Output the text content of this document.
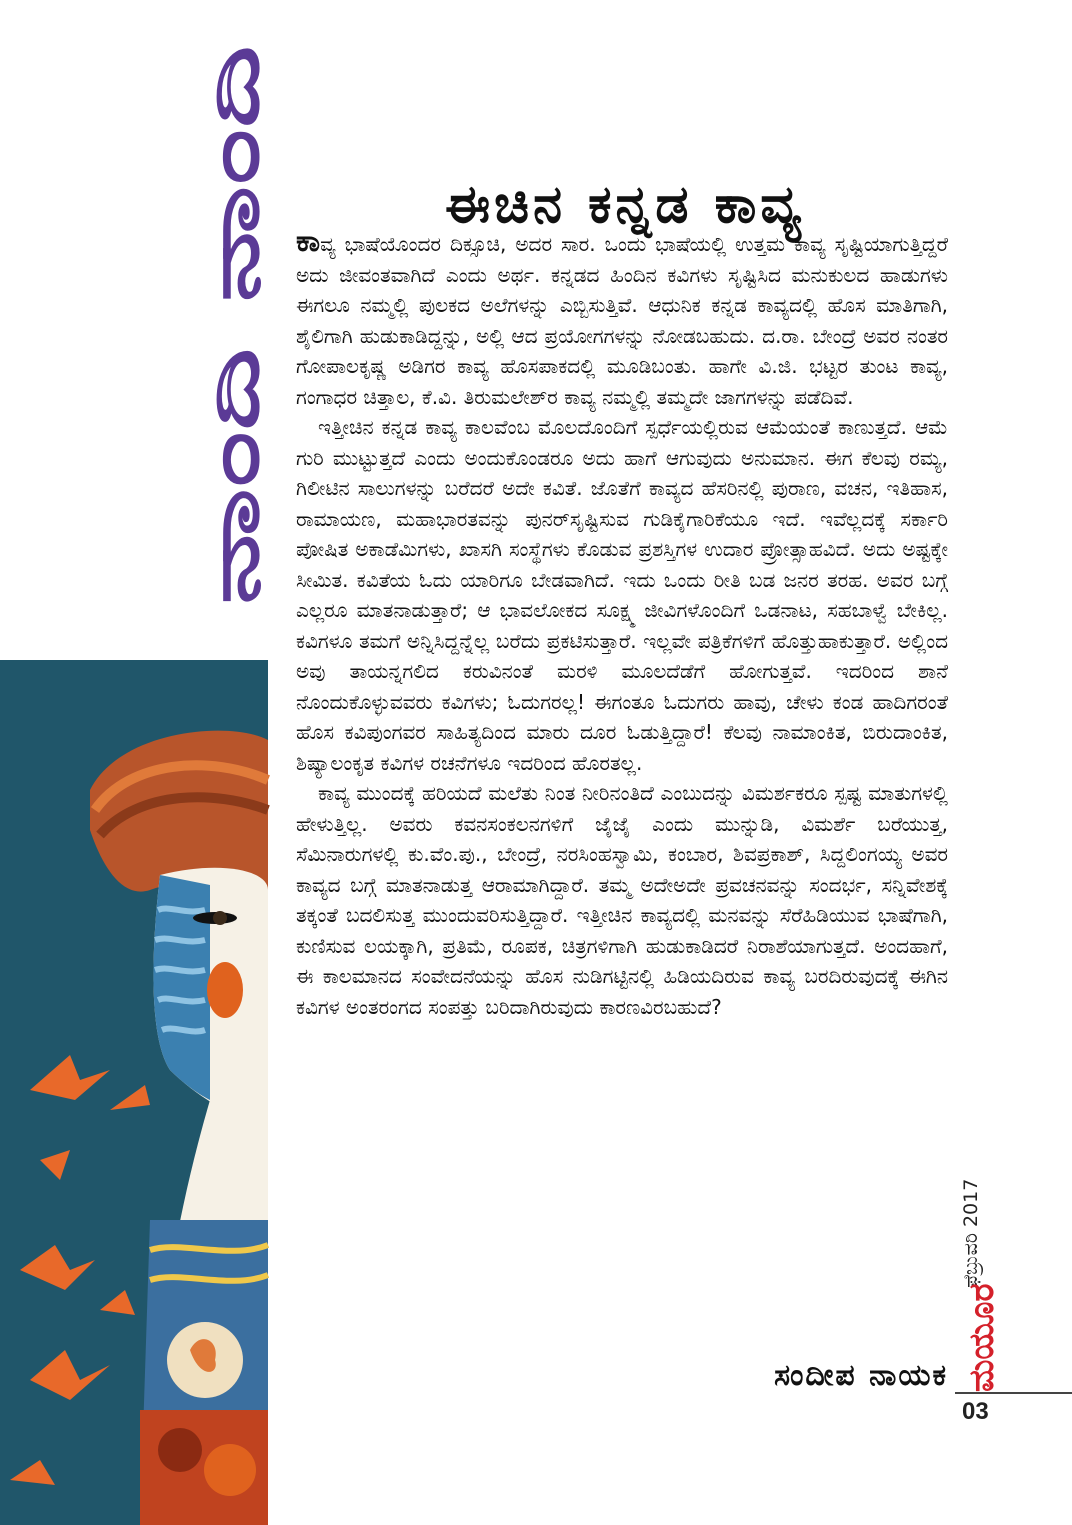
ನಾಂದಿ ನಾಂದಿ
ಈಚಿನ ಕನ್ನಡ ಕಾವ್ಯ

ಕಾವ್ಯ ಭಾಷೆಯೊಂದರ ದಿಕ್ಸೂಚಿ, ಅದರ ಸಾರ. ಒಂದು ಭಾಷೆಯಲ್ಲಿ ಉತ್ತಮ ಕಾವ್ಯ ಸೃಷ್ಟಿಯಾಗುತ್ತಿದ್ದರೆ ಅದು ಜೀವಂತವಾಗಿದೆ ಎಂದು ಅರ್ಥ. ಕನ್ನಡದ ಹಿಂದಿನ ಕವಿಗಳು ಸೃಷ್ಟಿಸಿದ ಮನುಕುಲದ ಹಾಡುಗಳು ಈಗಲೂ ನಮ್ಮಲ್ಲಿ ಪುಲಕದ ಅಲೆಗಳನ್ನು ಎಬ್ಬಿಸುತ್ತಿವೆ. ಆಧುನಿಕ ಕನ್ನಡ ಕಾವ್ಯದಲ್ಲಿ ಹೊಸ ಮಾತಿಗಾಗಿ, ಶೈಲಿಗಾಗಿ ಹುಡುಕಾಡಿದ್ದನ್ನು, ಅಲ್ಲಿ ಆದ ಪ್ರಯೋಗಗಳನ್ನು ನೋಡಬಹುದು. ದ.ರಾ. ಬೇಂದ್ರೆ ಅವರ ನಂತರ ಗೋಪಾಲಕೃಷ್ಣ ಅಡಿಗರ ಕಾವ್ಯ ಹೊಸಪಾಕದಲ್ಲಿ ಮೂಡಿಬಂತು. ಹಾಗೇ ವಿ.ಜಿ. ಭಟ್ಟರ ತುಂಟ ಕಾವ್ಯ, ಗಂಗಾಧರ ಚಿತ್ತಾಲ, ಕೆ.ವಿ. ತಿರುಮಲೇಶ್‌ರ ಕಾವ್ಯ ನಮ್ಮಲ್ಲಿ ತಮ್ಮದೇ ಜಾಗಗಳನ್ನು ಪಡೆದಿವೆ.

ಇತ್ತೀಚಿನ ಕನ್ನಡ ಕಾವ್ಯ ಕಾಲವೆಂಬ ಮೊಲದೊಂದಿಗೆ ಸ್ಪರ್ಧೆಯಲ್ಲಿರುವ ಆಮೆಯಂತೆ ಕಾಣುತ್ತದೆ. ಆಮೆ ಗುರಿ ಮುಟ್ಟುತ್ತದೆ ಎಂದು ಅಂದುಕೊಂಡರೂ ಅದು ಹಾಗೆ ಆಗುವುದು ಅನುಮಾನ. ಈಗ ಕೆಲವು ರಮ್ಯ, ಗಿಲೀಟಿನ ಸಾಲುಗಳನ್ನು ಬರೆದರೆ ಅದೇ ಕವಿತೆ. ಜೊತೆಗೆ ಕಾವ್ಯದ ಹೆಸರಿನಲ್ಲಿ ಪುರಾಣ, ವಚನ, ಇತಿಹಾಸ, ರಾಮಾಯಣ, ಮಹಾಭಾರತವನ್ನು ಪುನರ್‌ಸೃಷ್ಟಿಸುವ ಗುಡಿಕೈಗಾರಿಕೆಯೂ ಇದೆ. ಇವೆಲ್ಲದಕ್ಕೆ ಸರ್ಕಾರಿ ಪೋಷಿತ ಅಕಾಡೆಮಿಗಳು, ಖಾಸಗಿ ಸಂಸ್ಥೆಗಳು ಕೊಡುವ ಪ್ರಶಸ್ತಿಗಳ ಉದಾರ ಪ್ರೋತ್ಸಾಹವಿದೆ. ಅದು ಅಷ್ಟಕ್ಕೇ ಸೀಮಿತ. ಕವಿತೆಯ ಓದು ಯಾರಿಗೂ ಬೇಡವಾಗಿದೆ. ಇದು ಒಂದು ರೀತಿ ಬಡ ಜನರ ತರಹ. ಅವರ ಬಗ್ಗೆ ಎಲ್ಲರೂ ಮಾತನಾಡುತ್ತಾರೆ; ಆ ಭಾವಲೋಕದ ಸೂಕ್ಷ್ಮ ಜೀವಿಗಳೊಂದಿಗೆ ಒಡನಾಟ, ಸಹಬಾಳ್ವೆ ಬೇಕಿಲ್ಲ. ಕವಿಗಳೂ ತಮಗೆ ಅನ್ನಿಸಿದ್ದನ್ನೆಲ್ಲ ಬರೆದು ಪ್ರಕಟಿಸುತ್ತಾರೆ. ಇಲ್ಲವೇ ಪತ್ರಿಕೆಗಳಿಗೆ ಹೊತ್ತುಹಾಕುತ್ತಾರೆ. ಅಲ್ಲಿಂದ ಅವು ತಾಯನ್ನಗಲಿದ ಕರುವಿನಂತೆ ಮರಳಿ ಮೂಲದೆಡೆಗೆ ಹೋಗುತ್ತವೆ. ಇದರಿಂದ ಶಾನೆ ನೊಂದುಕೊಳ್ಳುವವರು ಕವಿಗಳು; ಓದುಗರಲ್ಲ! ಈಗಂತೂ ಓದುಗರು ಹಾವು, ಚೇಳು ಕಂಡ ಹಾದಿಗರಂತೆ ಹೊಸ ಕವಿಪುಂಗವರ ಸಾಹಿತ್ಯದಿಂದ ಮಾರು ದೂರ ಓಡುತ್ತಿದ್ದಾರೆ! ಕೆಲವು ನಾಮಾಂಕಿತ, ಬಿರುದಾಂಕಿತ, ಶಿಷ್ಯಾಲಂಕೃತ ಕವಿಗಳ ರಚನೆಗಳೂ ಇದರಿಂದ ಹೊರತಲ್ಲ.

ಕಾವ್ಯ ಮುಂದಕ್ಕೆ ಹರಿಯದೆ ಮಲೆತು ನಿಂತ ನೀರಿನಂತಿದೆ ಎಂಬುದನ್ನು ವಿಮರ್ಶಕರೂ ಸ್ಪಷ್ಟ ಮಾತುಗಳಲ್ಲಿ ಹೇಳುತ್ತಿಲ್ಲ. ಅವರು ಕವನಸಂಕಲನಗಳಿಗೆ ಜೈಜೈ ಎಂದು ಮುನ್ನುಡಿ, ವಿಮರ್ಶೆ ಬರೆಯುತ್ತ, ಸೆಮಿನಾರುಗಳಲ್ಲಿ ಕು.ವೆಂ.ಪು., ಬೇಂದ್ರೆ, ನರಸಿಂಹಸ್ವಾಮಿ, ಕಂಬಾರ, ಶಿವಪ್ರಕಾಶ್, ಸಿದ್ದಲಿಂಗಯ್ಯ ಅವರ ಕಾವ್ಯದ ಬಗ್ಗೆ ಮಾತನಾಡುತ್ತ ಆರಾಮಾಗಿದ್ದಾರೆ. ತಮ್ಮ ಅದೇಅದೇ ಪ್ರವಚನವನ್ನು ಸಂದರ್ಭ, ಸನ್ನಿವೇಶಕ್ಕೆ ತಕ್ಕಂತೆ ಬದಲಿಸುತ್ತ ಮುಂದುವರಿಸುತ್ತಿದ್ದಾರೆ. ಇತ್ತೀಚಿನ ಕಾವ್ಯದಲ್ಲಿ ಮನವನ್ನು ಸೆರೆಹಿಡಿಯುವ ಭಾಷೆಗಾಗಿ, ಕುಣಿಸುವ ಲಯಕ್ಕಾಗಿ, ಪ್ರತಿಮೆ, ರೂಪಕ, ಚಿತ್ರಗಳಿಗಾಗಿ ಹುಡುಕಾಡಿದರೆ ನಿರಾಶೆಯಾಗುತ್ತದೆ. ಅಂದಹಾಗೆ, ಈ ಕಾಲಮಾನದ ಸಂವೇದನೆಯನ್ನು ಹೊಸ ನುಡಿಗಟ್ಟಿನಲ್ಲಿ ಹಿಡಿಯದಿರುವ ಕಾವ್ಯ ಬರದಿರುವುದಕ್ಕೆ ಈಗಿನ ಕವಿಗಳ ಅಂತರಂಗದ ಸಂಪತ್ತು ಬರಿದಾಗಿರುವುದು ಕಾರಣವಿರಬಹುದೆ?

ಸಂದೀಪ ನಾಯಕ
ಫೆಬ್ರುವರಿ 2017
ಮಯೂರ
03
